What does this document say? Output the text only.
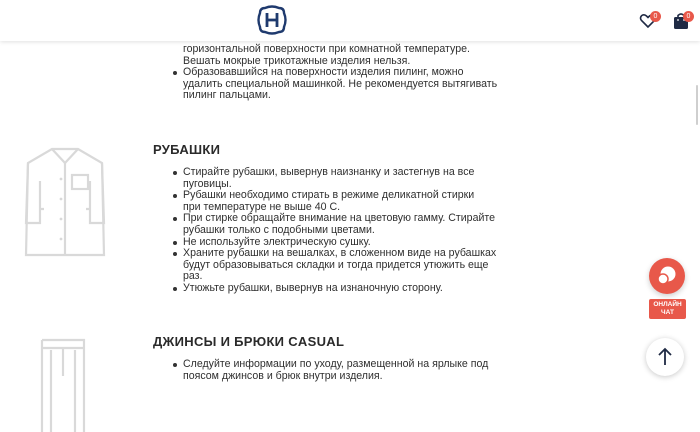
0	0
горизонтальной поверхности при комнатной температуре.
Вешать мокрые трикотажные изделия нельзя.
Образовавшийся на поверхности изделия пилинг, можно
удалить специальной машинкой. Не рекомендуется вытягивать
пилинг пальцами.
РУБАШКИ
Стирайте рубашки, вывернув наизнанку и застегнув на все
пуговицы.
Рубашки необходимо стирать в режиме деликатной стирки
при температуре не выше 40 С.
При стирке обращайте внимание на цветовую гамму. Стирайте
рубашки только с подобными цветами.
Не используйте электрическую сушку.
Храните рубашки на вешалках, в сложенном виде на рубашках
будут образовываться складки и тогда придется утюжить еще
раз.
Утюжьте рубашки, вывернув на изнаночную сторону.
ДЖИНСЫ И БРЮКИ CASUAL
Следуйте информации по уходу, размещенной на ярлыке под
поясом джинсов и брюк внутри изделия.
ОНЛАЙН
ЧАТ
